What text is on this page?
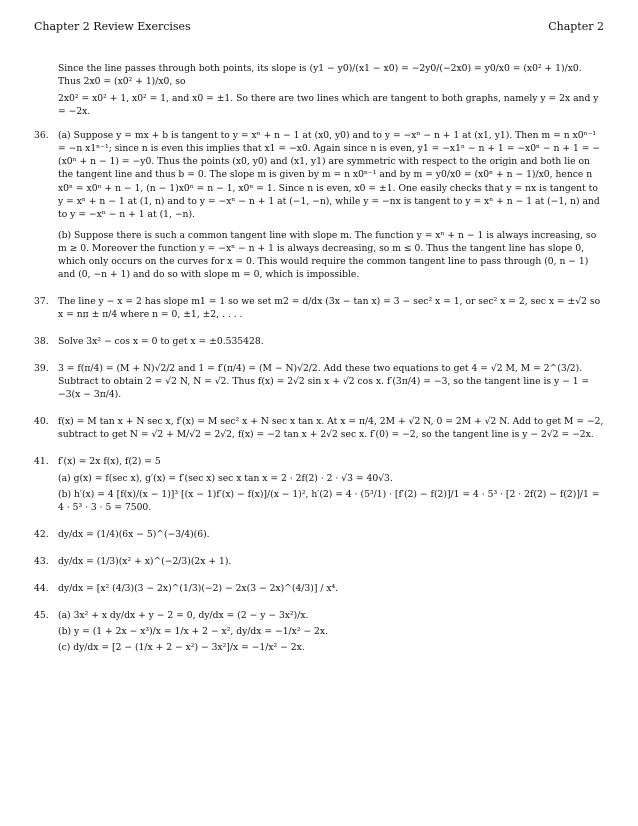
Chapter 2 Review Exercises	Chapter 2

Since the line passes through both points, its slope is (y1 − y0)/(x1 − x0) = −2y0/(−2x0) = y0/x0 = (x0² + 1)/x0. Thus 2x0 = (x0² + 1)/x0, so

2x0² = x0² + 1, x0² = 1, and x0 = ±1. So there are two lines which are tangent to both graphs, namely y = 2x and y = −2x.

36.	(a) Suppose y = mx + b is tangent to y = xⁿ + n − 1 at (x0, y0) and to y = −xⁿ − n + 1 at (x1, y1). Then m = n x0ⁿ⁻¹ = −n x1ⁿ⁻¹; since n is even this implies that x1 = −x0. Again since n is even, y1 = −x1ⁿ − n + 1 = −x0ⁿ − n + 1 = −(x0ⁿ + n − 1) = −y0. Thus the points (x0, y0) and (x1, y1) are symmetric with respect to the origin and both lie on the tangent line and thus b = 0. The slope m is given by m = n x0ⁿ⁻¹ and by m = y0/x0 = (x0ⁿ + n − 1)/x0, hence n x0ⁿ = x0ⁿ + n − 1, (n − 1)x0ⁿ = n − 1, x0ⁿ = 1. Since n is even, x0 = ±1. One easily checks that y = nx is tangent to y = xⁿ + n − 1 at (1, n) and to y = −xⁿ − n + 1 at (−1, −n), while y = −nx is tangent to y = xⁿ + n − 1 at (−1, n) and to y = −xⁿ − n + 1 at (1, −n).

(b) Suppose there is such a common tangent line with slope m. The function y = xⁿ + n − 1 is always increasing, so m ≥ 0. Moreover the function y = −xⁿ − n + 1 is always decreasing, so m ≤ 0. Thus the tangent line has slope 0, which only occurs on the curves for x = 0. This would require the common tangent line to pass through (0, n − 1) and (0, −n + 1) and do so with slope m = 0, which is impossible.

37.	The line y − x = 2 has slope m1 = 1 so we set m2 = d/dx (3x − tan x) = 3 − sec² x = 1, or sec² x = 2, sec x = ±√2 so x = nπ ± π/4 where n = 0, ±1, ±2, . . . .

38.	Solve 3x² − cos x = 0 to get x = ±0.535428.

39.	3 = f(π/4) = (M + N)√2/2 and 1 = f′(π/4) = (M − N)√2/2. Add these two equations to get 4 = √2 M, M = 2^(3/2). Subtract to obtain 2 = √2 N, N = √2. Thus f(x) = 2√2 sin x + √2 cos x. f′(3π/4) = −3, so the tangent line is y − 1 = −3(x − 3π/4).

40.	f(x) = M tan x + N sec x, f′(x) = M sec² x + N sec x tan x. At x = π/4, 2M + √2 N, 0 = 2M + √2 N. Add to get M = −2, subtract to get N = √2 + M/√2 = 2√2, f(x) = −2 tan x + 2√2 sec x. f′(0) = −2, so the tangent line is y − 2√2 = −2x.

41.	f′(x) = 2x f(x), f(2) = 5

(a) g(x) = f(sec x), g′(x) = f′(sec x) sec x tan x = 2 · 2f(2) · 2 · √3 = 40√3.

(b) h′(x) = 4 [f(x)/(x − 1)]³ [(x − 1)f′(x) − f(x)]/(x − 1)², h′(2) = 4 · (5³/1) · [f′(2) − f(2)]/1 = 4 · 5³ · [2 · 2f(2) − f(2)]/1 = 4 · 5³ · 3 · 5 = 7500.

42.	dy/dx = (1/4)(6x − 5)^(−3/4)(6).

43.	dy/dx = (1/3)(x² + x)^(−2/3)(2x + 1).

44.	dy/dx = [x² (4/3)(3 − 2x)^(1/3)(−2) − 2x(3 − 2x)^(4/3)] / x⁴.

45.	(a) 3x² + x dy/dx + y − 2 = 0, dy/dx = (2 − y − 3x²)/x.

(b) y = (1 + 2x − x³)/x = 1/x + 2 − x², dy/dx = −1/x² − 2x.

(c) dy/dx = [2 − (1/x + 2 − x²) − 3x²]/x = −1/x² − 2x.
